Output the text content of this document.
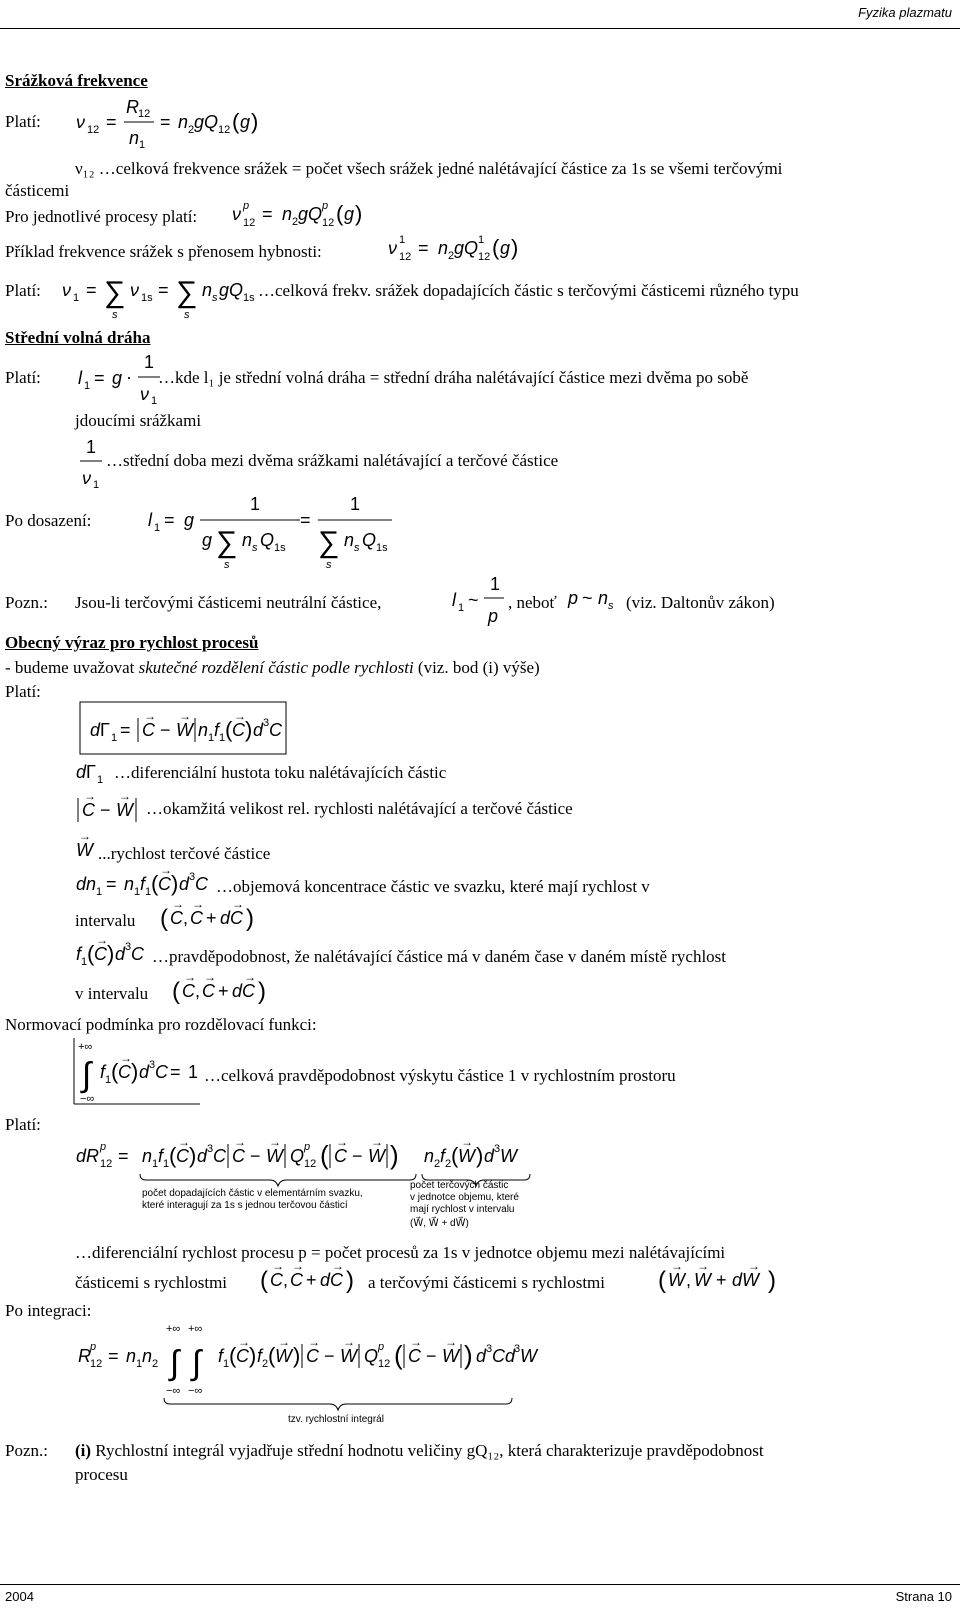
Fyzika plazmatu
Srážková frekvence
Platí: ν 12 =
R 12
n 1
= n 2 gQ 12 ( g )
ν₁₂ …celková frekvence srážek = počet všech srážek jedné nalétávající částice za 1s se všemi terčovými
částicemi
Pro jednotlivé procesy platí: ν p
12 = n 2 gQ p
12 ( g )
Příklad frekvence srážek s přenosem hybnosti:	ν 1
12 = n 2 gQ 1
12 ( g )
Platí: ν 1 = ∑
s
ν 1s = ∑
s
n s gQ 1s …celková frekv. srážek dopadajících částic s terčovými částicemi různého typu
Střední volná dráha
Platí: l 1 = g ·
1
ν 1
…kde l₁ je střední volná dráha = střední dráha nalétávající částice mezi dvěma po sobě
jdoucími srážkami
1
ν 1
…střední doba mezi dvěma srážkami nalétávající a terčové částice
Po dosazení:	l 1 = g
1
g ∑
s
n s Q 1s
=
1
∑
s
n s Q 1s
Pozn.: Jsou-li terčovými částicemi neutrální částice,	l 1 ~
1
p
, neboť p ~ n s (viz. Daltonův zákon)
Obecný výraz pro rychlost procesů
- budeme uvažovat skutečné rozdělení částic podle rychlosti (viz. bod (i) výše)
Platí:
d Γ 1 = C
→
− W
→
n 1 f 1 ( C
→
) d 3 C
d Γ 1 …diferenciální hustota toku nalétávajících částic
C
→
− W
→
…okamžitá velikost rel. rychlosti nalétávající a terčové částice
W
→
...rychlost terčové částice
dn 1 = n 1 f 1 ( C
→
) d 3 C …objemová koncentrace částic ve svazku, které mají rychlost v
intervalu ( C
→
, C
→
+ dC
→
)
f 1 ( C
→
) d 3 C …pravděpodobnost, že nalétávající částice má v daném čase v daném místě rychlost
v intervalu ( C
→
, C
→
+ dC
→
)
Normovací podmínka pro rozdělovací funkci:
+∞
∫
−∞
f 1 ( C
→
) d 3 C = 1 …celková pravděpodobnost výskytu částice 1 v rychlostním prostoru
Platí:
dR p
12 = n 1 f 1 ( C
→
) d 3 C C
→
− W
→
Q p
12 ( C
→
− W
→ ) n 2 f 2 ( W
→
) d 3 W
počet dopadajících částic v elementárním svazku,
které interagují za 1s s jednou terčovou částicí
počet terčových částic
v jednotce objemu, které
mají rychlost v intervalu
(W⃗, W⃗ + dW⃗)
…diferenciální rychlost procesu p = počet procesů za 1s v jednotce objemu mezi nalétávajícími
částicemi s rychlostmi ( C
→
, C
→
+ dC
→
) a terčovými částicemi s rychlostmi ( W
→
, W
→
+ dW
→
)
Po integraci:
R p
12 = n 1 n 2
+∞
∫
−∞
+∞
∫
−∞
f 1 ( C
→
) f 2 ( W
→
) C
→
− W
→
Q p
12 ( C
→
− W
→ ) d 3 Cd
3 W
tzv. rychlostní integrál
Pozn.: (i) Rychlostní integrál vyjadřuje střední hodnotu veličiny gQ₁₂, která charakterizuje pravděpodobnost
procesu
2004	Strana 10
